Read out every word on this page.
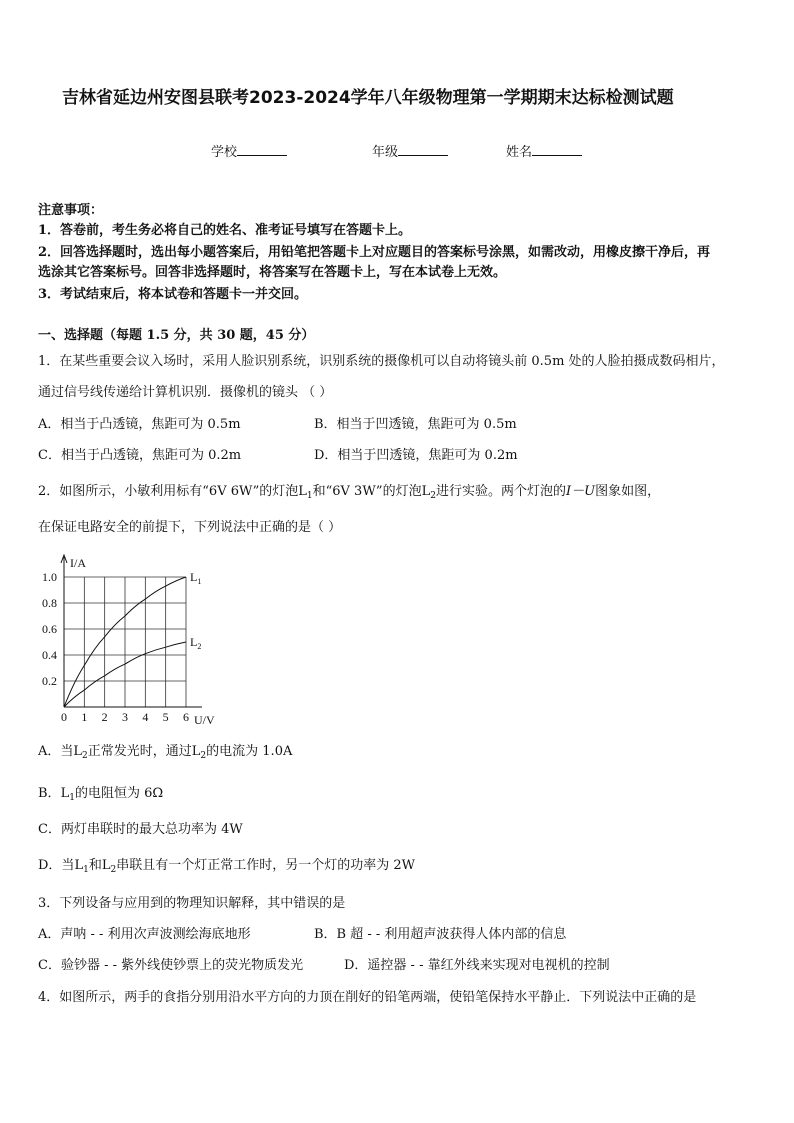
吉林省延边州安图县联考2023-2024学年八年级物理第一学期期末达标检测试题
学校	年级	姓名
注意事项：
1．答卷前，考生务必将自己的姓名、准考证号填写在答题卡上。
2．回答选择题时，选出每小题答案后，用铅笔把答题卡上对应题目的答案标号涂黑，如需改动，用橡皮擦干净后，再
选涂其它答案标号。回答非选择题时，将答案写在答题卡上，写在本试卷上无效。
3．考试结束后，将本试卷和答题卡一并交回。
一、选择题（每题 1.5 分，共 30 题，45 分）
1．在某些重要会议入场时，采用人脸识别系统，识别系统的摄像机可以自动将镜头前 0.5m 处的人脸拍摄成数码相片，
通过信号线传递给计算机识别．摄像机的镜头 （ ）
A．相当于凸透镜，焦距可为 0.5m	B．相当于凹透镜，焦距可为 0.5m
C．相当于凸透镜，焦距可为 0.2m	D．相当于凹透镜，焦距可为 0.2m
2．如图所示，小敏利用标有“6V 6W”的灯泡$L_1$和“6V 3W”的灯泡$L_2$进行实验。两个灯泡的I－U图象如图，
在保证电路安全的前提下，下列说法中正确的是（ ）
$L_1$
$L_2$
0 1 2 3 4 5 6
0.2
0.4
0.6
0.8
1.0
I/A
U/V
A．当$L_2$正常发光时，通过$L_2$的电流为 1.0A
B．$L_1$的电阻恒为 6Ω
C．两灯串联时的最大总功率为 4W
D．当$L_1$和$L_2$串联且有一个灯正常工作时，另一个灯的功率为 2W
3．下列设备与应用到的物理知识解释，其中错误的是
A．声呐 - - 利用次声波测绘海底地形	B．B 超 - - 利用超声波获得人体内部的信息
C．验钞器 - - 紫外线使钞票上的荧光物质发光	D．遥控器 - - 靠红外线来实现对电视机的控制
4．如图所示，两手的食指分别用沿水平方向的力顶在削好的铅笔两端，使铅笔保持水平静止．下列说法中正确的是
